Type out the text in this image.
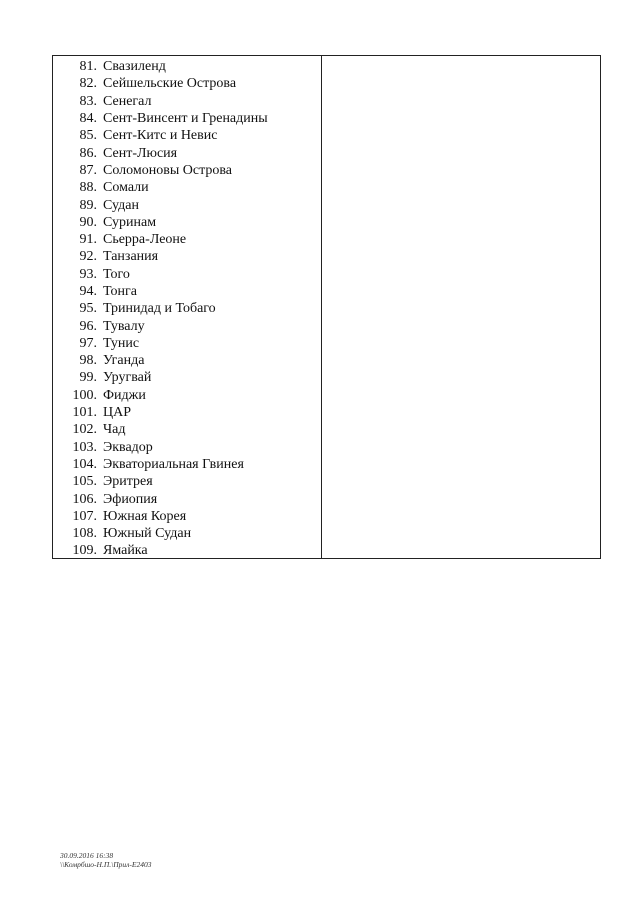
81. Свазиленд
82. Сейшельские Острова
83. Сенегал
84. Сент-Винсент и Гренадины
85. Сент-Китс и Невис
86. Сент-Люсия
87. Соломоновы Острова
88. Сомали
89. Судан
90. Суринам
91. Сьерра-Леоне
92. Танзания
93. Того
94. Тонга
95. Тринидад и Тобаго
96. Тувалу
97. Тунис
98. Уганда
99. Уругвай
100. Фиджи
101. ЦАР
102. Чад
103. Эквадор
104. Экваториальная Гвинея
105. Эритрея
106. Эфиопия
107. Южная Корея
108. Южный Судан
109. Ямайка
30.09.2016 16:38
\\Комрбшо-Н.П.\Прил-Е2403
